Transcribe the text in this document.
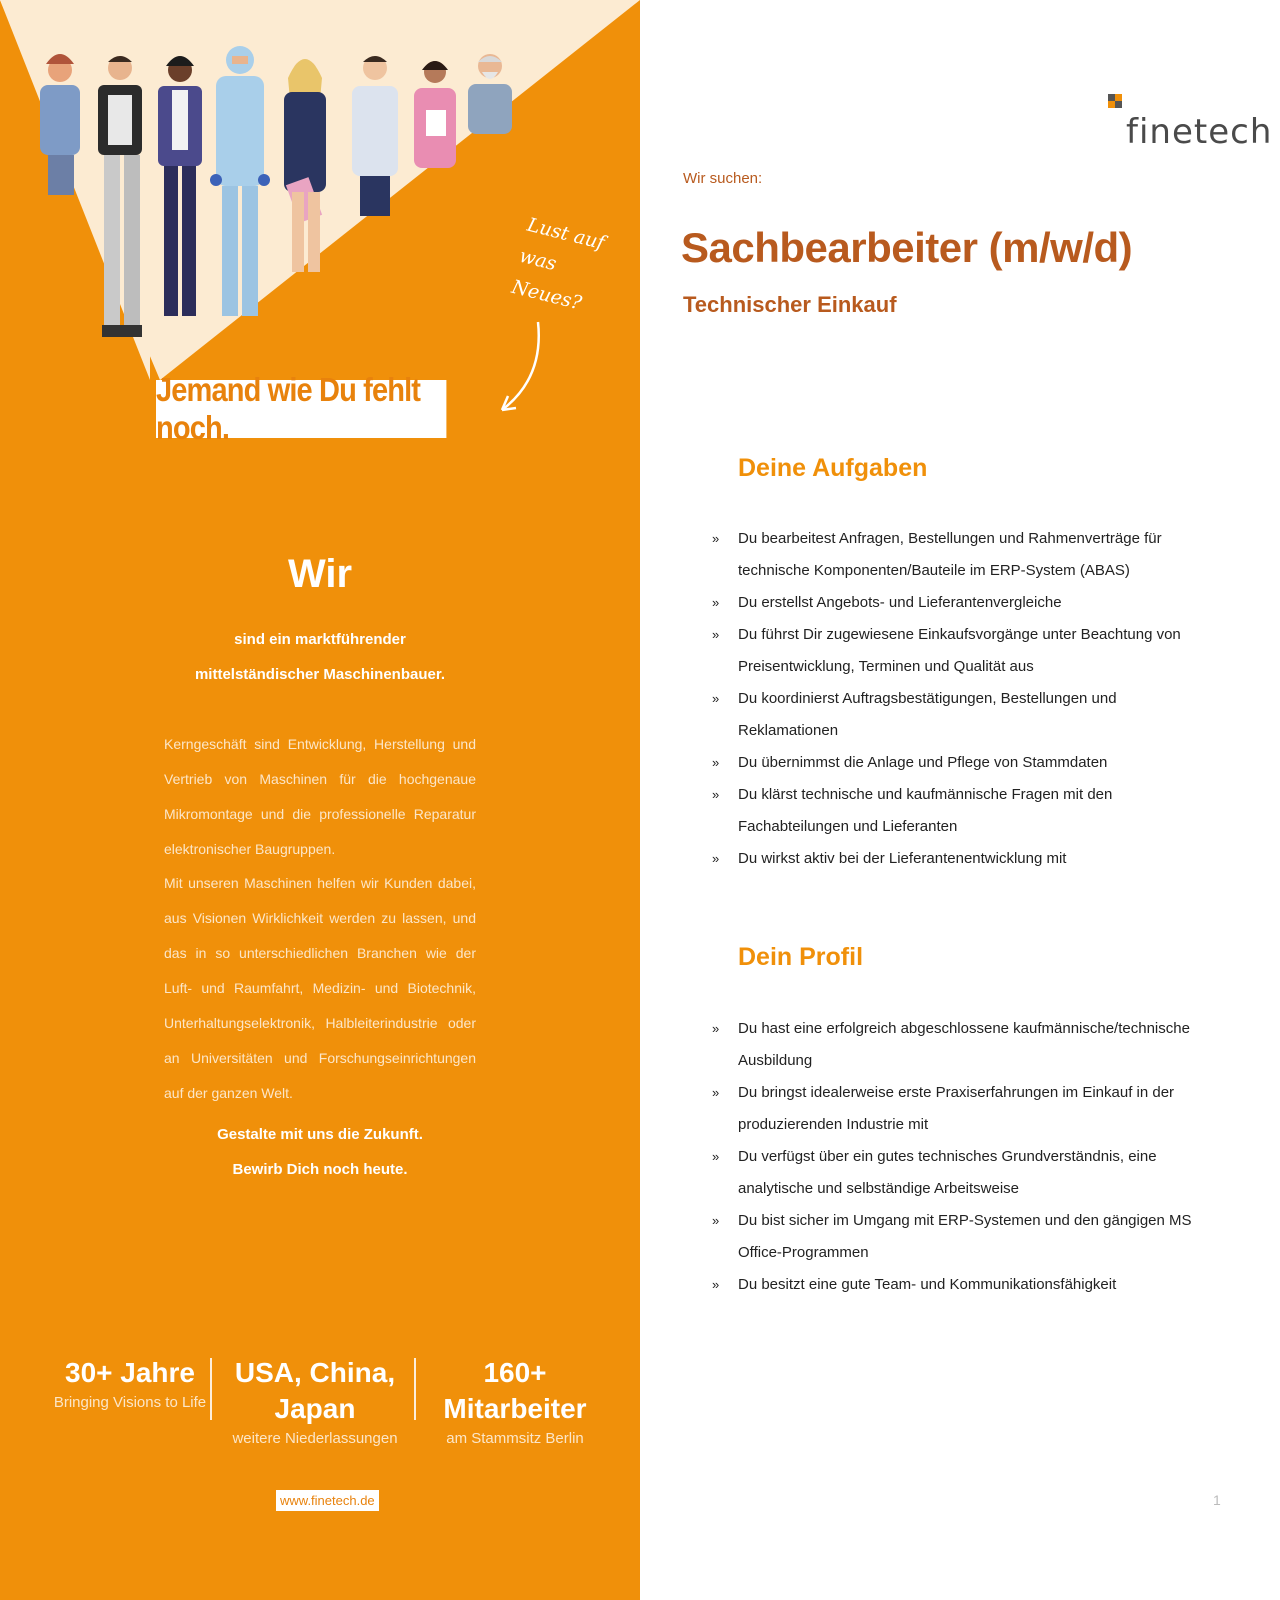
Lust auf was
Neues?
Jemand wie Du fehlt noch.
Wir
sind ein marktführender mittelständischer Maschinenbauer.
Kerngeschäft sind Entwicklung, Herstellung und Vertrieb von Maschinen für die hochgenaue Mikromontage und die professionelle Reparatur elektronischer Baugruppen.
Mit unseren Maschinen helfen wir Kunden dabei, aus Visionen Wirklichkeit werden zu lassen, und das in so unterschiedlichen Branchen wie der Luft- und Raumfahrt, Medizin- und Biotechnik, Unterhaltungselektronik, Halbleiterindustrie oder an Universitäten und Forschungseinrichtungen auf der ganzen Welt.
Gestalte mit uns die Zukunft.
Bewirb Dich noch heute.
30+ Jahre
Bringing Visions to Life
USA, China, Japan
weitere Niederlassungen
160+ Mitarbeiter
am Stammsitz Berlin
www.finetech.de
finetech
Wir suchen:
Sachbearbeiter (m/w/d)
Technischer Einkauf
Deine Aufgaben
» Du bearbeitest Anfragen, Bestellungen und Rahmenverträge für technische Komponenten/Bauteile im ERP-System (ABAS)
» Du erstellst Angebots- und Lieferantenvergleiche
» Du führst Dir zugewiesene Einkaufsvorgänge unter Beachtung von Preisentwicklung, Terminen und Qualität aus
» Du koordinierst Auftragsbestätigungen, Bestellungen und Reklamationen
» Du übernimmst die Anlage und Pflege von Stammdaten
» Du klärst technische und kaufmännische Fragen mit den Fachabteilungen und Lieferanten
» Du wirkst aktiv bei der Lieferantenentwicklung mit
Dein Profil
» Du hast eine erfolgreich abgeschlossene kaufmännische/technische Ausbildung
» Du bringst idealerweise erste Praxiserfahrungen im Einkauf in der produzierenden Industrie mit
» Du verfügst über ein gutes technisches Grundverständnis, eine analytische und selbständige Arbeitsweise
» Du bist sicher im Umgang mit ERP-Systemen und den gängigen MS Office-Programmen
» Du besitzt eine gute Team- und Kommunikationsfähigkeit
1
